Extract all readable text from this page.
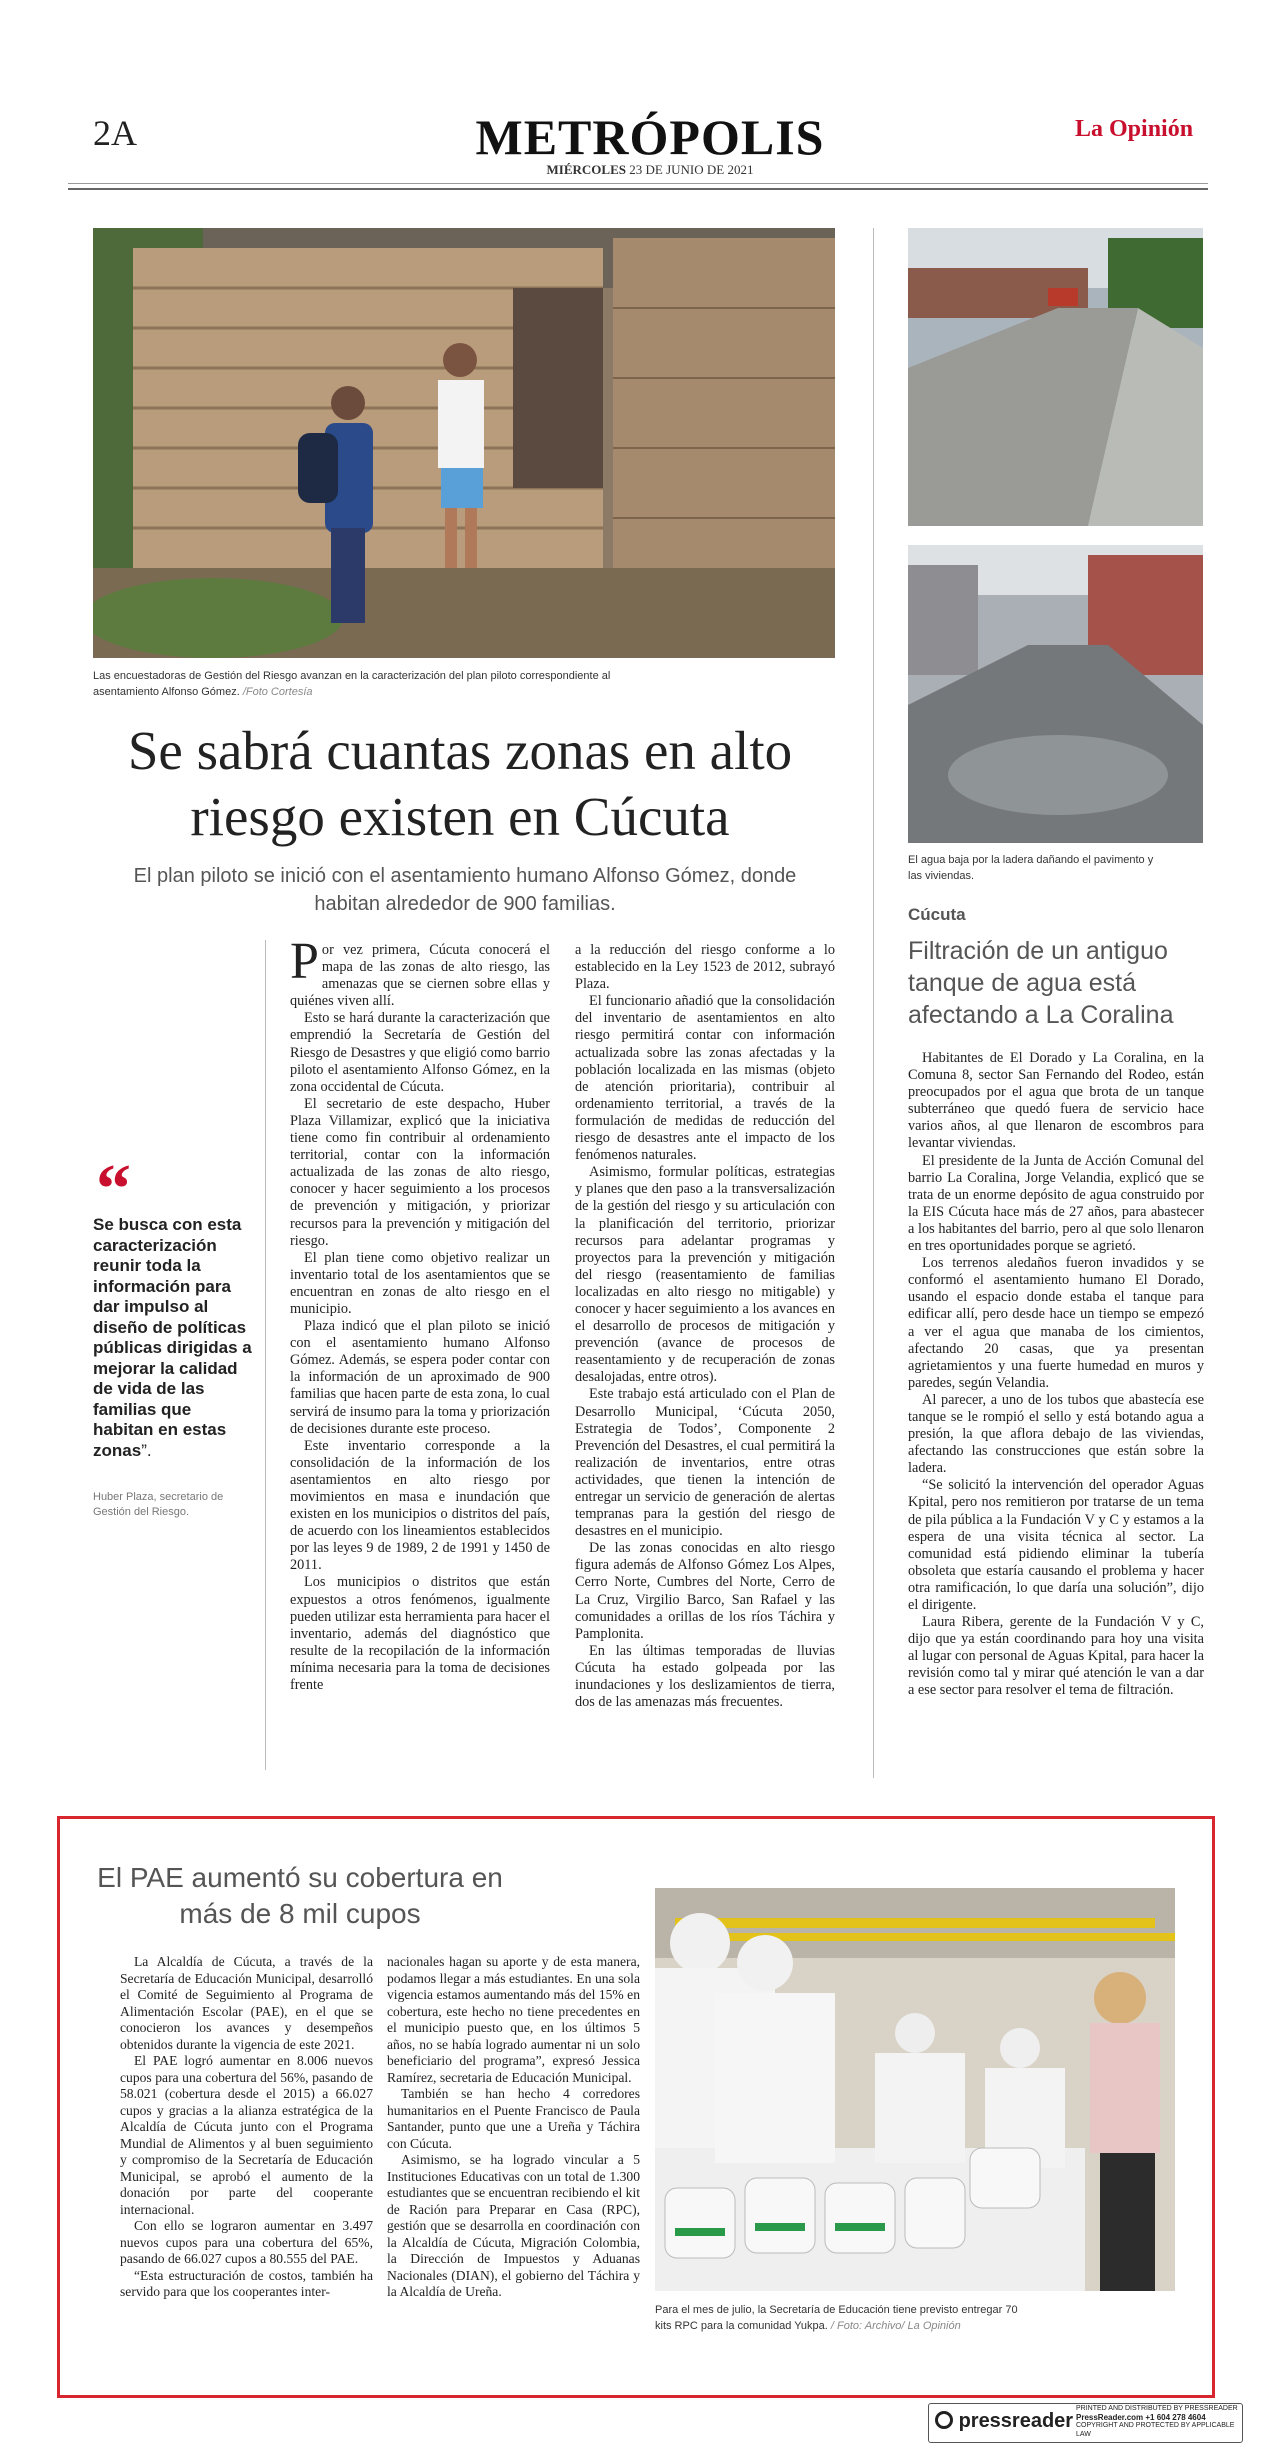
2A	METRÓPOLIS
MIÉRCOLES 23 DE JUNIO DE 2021
La Opinión
Las encuestadoras de Gestión del Riesgo avanzan en la caracterización del plan piloto correspondiente al asentamiento Alfonso Gómez. /Foto Cortesía
Se sabrá cuantas zonas en alto riesgo existen en Cúcuta
El plan piloto se inició con el asentamiento humano Alfonso Gómez, donde habitan alrededor de 900 familias.
“
Se busca con esta caracterización reunir toda la información para dar impulso al diseño de políticas públicas dirigidas a mejorar la calidad de vida de las familias que habitan en estas zonas”.
Huber Plaza, secretario de Gestión del Riesgo.
P or vez primera, Cúcuta conocerá el mapa de las zonas de alto riesgo, las amenazas que se ciernen sobre ellas y quiénes viven allí.

Esto se hará durante la caracterización que emprendió la Secretaría de Gestión del Riesgo de Desastres y que eligió como barrio piloto el asentamiento Alfonso Gómez, en la zona occidental de Cúcuta.

El secretario de este despacho, Huber Plaza Villamizar, explicó que la iniciativa tiene como fin contribuir al ordenamiento territorial, contar con la información actualizada de las zonas de alto riesgo, conocer y hacer seguimiento a los procesos de prevención y mitigación, y priorizar recursos para la prevención y mitigación del riesgo.

El plan tiene como objetivo realizar un inventario total de los asentamientos que se encuentran en zonas de alto riesgo en el municipio.

Plaza indicó que el plan piloto se inició con el asentamiento humano Alfonso Gómez. Además, se espera poder contar con la información de un aproximado de 900 familias que hacen parte de esta zona, lo cual servirá de insumo para la toma y priorización de decisiones durante este proceso.

Este inventario corresponde a la consolidación de la información de los asentamientos en alto riesgo por movimientos en masa e inundación que existen en los municipios o distritos del país, de acuerdo con los lineamientos establecidos por las leyes 9 de 1989, 2 de 1991 y 1450 de 2011.

Los municipios o distritos que están expuestos a otros fenómenos, igualmente pueden utilizar esta herramienta para hacer el inventario, además del diagnóstico que resulte de la recopilación de la información mínima necesaria para la toma de decisiones frente

a la reducción del riesgo conforme a lo establecido en la Ley 1523 de 2012, subrayó Plaza.

El funcionario añadió que la consolidación del inventario de asentamientos en alto riesgo permitirá contar con información actualizada sobre las zonas afectadas y la población localizada en las mismas (objeto de atención prioritaria), contribuir al ordenamiento territorial, a través de la formulación de medidas de reducción del riesgo de desastres ante el impacto de los fenómenos naturales.

Asimismo, formular políticas, estrategias y planes que den paso a la transversalización de la gestión del riesgo y su articulación con la planificación del territorio, priorizar recursos para adelantar programas y proyectos para la prevención y mitigación del riesgo (reasentamiento de familias localizadas en alto riesgo no mitigable) y conocer y hacer seguimiento a los avances en el desarrollo de procesos de mitigación y prevención (avance de procesos de reasentamiento y de recuperación de zonas desalojadas, entre otros).

Este trabajo está articulado con el Plan de Desarrollo Municipal, ‘Cúcuta 2050, Estrategia de Todos’, Componente 2 Prevención del Desastres, el cual permitirá la realización de inventarios, entre otras actividades, que tienen la intención de entregar un servicio de generación de alertas tempranas para la gestión del riesgo de desastres en el municipio.

De las zonas conocidas en alto riesgo figura además de Alfonso Gómez Los Alpes, Cerro Norte, Cumbres del Norte, Cerro de La Cruz, Virgilio Barco, San Rafael y las comunidades a orillas de los ríos Táchira y Pamplonita.

En las últimas temporadas de lluvias Cúcuta ha estado golpeada por las inundaciones y los deslizamientos de tierra, dos de las amenazas más frecuentes.

El agua baja por la ladera dañando el pavimento y las viviendas.
Cúcuta
Filtración de un antiguo tanque de agua está afectando a La Coralina

Habitantes de El Dorado y La Coralina, en la Comuna 8, sector San Fernando del Rodeo, están preocupados por el agua que brota de un tanque subterráneo que quedó fuera de servicio hace varios años, al que llenaron de escombros para levantar viviendas.

El presidente de la Junta de Acción Comunal del barrio La Coralina, Jorge Velandia, explicó que se trata de un enorme depósito de agua construido por la EIS Cúcuta hace más de 27 años, para abastecer a los habitantes del barrio, pero al que solo llenaron en tres oportunidades porque se agrietó.

Los terrenos aledaños fueron invadidos y se conformó el asentamiento humano El Dorado, usando el espacio donde estaba el tanque para edificar allí, pero desde hace un tiempo se empezó a ver el agua que manaba de los cimientos, afectando 20 casas, que ya presentan agrietamientos y una fuerte humedad en muros y paredes, según Velandia.

Al parecer, a uno de los tubos que abastecía ese tanque se le rompió el sello y está botando agua a presión, la que aflora debajo de las viviendas, afectando las construcciones que están sobre la ladera.

“Se solicitó la intervención del operador Aguas Kpital, pero nos remitieron por tratarse de un tema de pila pública a la Fundación V y C y estamos a la espera de una visita técnica al sector. La comunidad está pidiendo eliminar la tubería obsoleta que estaría causando el problema y hacer otra ramificación, lo que daría una solución”, dijo el dirigente.

Laura Ribera, gerente de la Fundación V y C, dijo que ya están coordinando para hoy una visita al lugar con personal de Aguas Kpital, para hacer la revisión como tal y mirar qué atención le van a dar a ese sector para resolver el tema de filtración.

El PAE aumentó su cobertura en más de 8 mil cupos

La Alcaldía de Cúcuta, a través de la Secretaría de Educación Municipal, desarrolló el Comité de Seguimiento al Programa de Alimentación Escolar (PAE), en el que se conocieron los avances y desempeños obtenidos durante la vigencia de este 2021.

El PAE logró aumentar en 8.006 nuevos cupos para una cobertura del 56%, pasando de 58.021 (cobertura desde el 2015) a 66.027 cupos y gracias a la alianza estratégica de la Alcaldía de Cúcuta junto con el Programa Mundial de Alimentos y al buen seguimiento y compromiso de la Secretaría de Educación Municipal, se aprobó el aumento de la donación por parte del cooperante internacional.

Con ello se lograron aumentar en 3.497 nuevos cupos para una cobertura del 65%, pasando de 66.027 cupos a 80.555 del PAE.

“Esta estructuración de costos, también ha servido para que los cooperantes inter-

nacionales hagan su aporte y de esta manera, podamos llegar a más estudiantes. En una sola vigencia estamos aumentando más del 15% en cobertura, este hecho no tiene precedentes en el municipio puesto que, en los últimos 5 años, no se había logrado aumentar ni un solo beneficiario del programa”, expresó Jessica Ramírez, secretaria de Educación Municipal.

También se han hecho 4 corredores humanitarios en el Puente Francisco de Paula Santander, punto que une a Ureña y Táchira con Cúcuta.

Asimismo, se ha logrado vincular a 5 Instituciones Educativas con un total de 1.300 estudiantes que se encuentran recibiendo el kit de Ración para Preparar en Casa (RPC), gestión que se desarrolla en coordinación con la Alcaldía de Cúcuta, Migración Colombia, la Dirección de Impuestos y Aduanas Nacionales (DIAN), el gobierno del Táchira y la Alcaldía de Ureña.

Para el mes de julio, la Secretaría de Educación tiene previsto entregar 70 kits RPC para la comunidad Yukpa. / Foto: Archivo/ La Opinión
pressreader
PRINTED AND DISTRIBUTED BY PRESSREADER
PressReader.com +1 604 278 4604
COPYRIGHT AND PROTECTED BY APPLICABLE LAW
